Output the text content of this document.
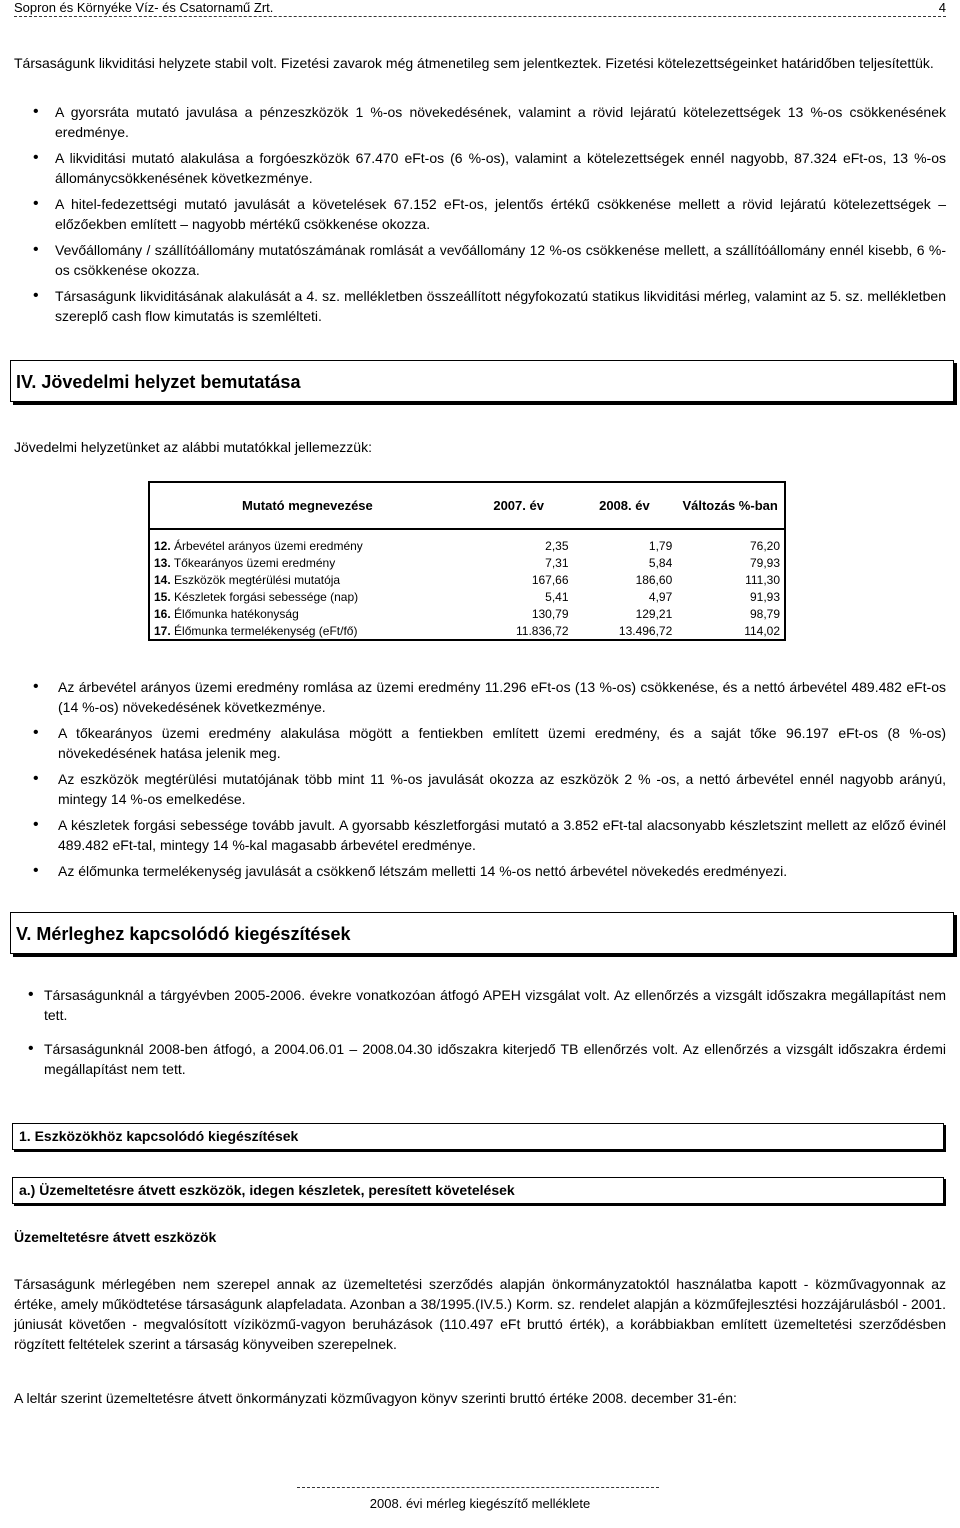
Sopron és Környéke Víz- és Csatornamű Zrt.	4
Társaságunk likviditási helyzete stabil volt. Fizetési zavarok még átmenetileg sem jelentkeztek. Fizetési kötelezettségeinket határidőben teljesítettük.
• A gyorsráta mutató javulása a pénzeszközök 1 %-os növekedésének, valamint a rövid lejáratú kötelezettségek 13 %-os csökkenésének eredménye.
• A likviditási mutató alakulása a forgóeszközök 67.470 eFt-os (6 %-os), valamint a kötelezettségek ennél nagyobb, 87.324 eFt-os, 13 %-os állománycsökkenésének következménye.
• A hitel-fedezettségi mutató javulását a követelések 67.152 eFt-os, jelentős értékű csökkenése mellett a rövid lejáratú kötelezettségek – előzőekben említett – nagyobb mértékű csökkenése okozza.
• Vevőállomány / szállítóállomány mutatószámának romlását a vevőállomány 12 %-os csökkenése mellett, a szállítóállomány ennél kisebb, 6 %-os csökkenése okozza.
• Társaságunk likviditásának alakulását a 4. sz. mellékletben összeállított négyfokozatú statikus likviditási mérleg, valamint az 5. sz. mellékletben szereplő cash flow kimutatás is szemlélteti.
IV. Jövedelmi helyzet bemutatása
Jövedelmi helyzetünket az alábbi mutatókkal jellemezzük:
Mutató megnevezése	2007. év	2008. év	Változás %-ban

12. Árbevétel arányos üzemi eredmény	2,35	1,79	76,20
13. Tőkearányos üzemi eredmény	7,31	5,84	79,93
14. Eszközök megtérülési mutatója	167,66	186,60	111,30
15. Készletek forgási sebessége (nap)	5,41	4,97	91,93
16. Élőmunka hatékonyság	130,79	129,21	98,79
17. Élőmunka termelékenység (eFt/fő)	11.836,72	13.496,72	114,02
• Az árbevétel arányos üzemi eredmény romlása az üzemi eredmény 11.296 eFt-os (13 %-os) csökkenése, és a nettó árbevétel 489.482 eFt-os (14 %-os) növekedésének következménye.
• A tőkearányos üzemi eredmény alakulása mögött a fentiekben említett üzemi eredmény, és a saját tőke 96.197 eFt-os (8 %-os) növekedésének hatása jelenik meg.
• Az eszközök megtérülési mutatójának több mint 11 %-os javulását okozza az eszközök 2 % -os, a nettó árbevétel ennél nagyobb arányú, mintegy 14 %-os emelkedése.
• A készletek forgási sebessége tovább javult. A gyorsabb készletforgási mutató a 3.852 eFt-tal alacsonyabb készletszint mellett az előző évinél 489.482 eFt-tal, mintegy 14 %-kal magasabb árbevétel eredménye.
• Az élőmunka termelékenység javulását a csökkenő létszám melletti 14 %-os nettó árbevétel növekedés eredményezi.
V. Mérleghez kapcsolódó kiegészítések
• Társaságunknál a tárgyévben 2005-2006. évekre vonatkozóan átfogó APEH vizsgálat volt. Az ellenőrzés a vizsgált időszakra megállapítást nem tett.
• Társaságunknál 2008-ben átfogó, a 2004.06.01 – 2008.04.30 időszakra kiterjedő TB ellenőrzés volt. Az ellenőrzés a vizsgált időszakra érdemi megállapítást nem tett.
1. Eszközökhöz kapcsolódó kiegészítések
a.) Üzemeltetésre átvett eszközök, idegen készletek, peresített követelések
Üzemeltetésre átvett eszközök
Társaságunk mérlegében nem szerepel annak az üzemeltetési szerződés alapján önkormányzatoktól használatba kapott - közművagyonnak az értéke, amely működtetése társaságunk alapfeladata. Azonban a 38/1995.(IV.5.) Korm. sz. rendelet alapján a közműfejlesztési hozzájárulásból - 2001. júniusát követően - megvalósított víziközmű-vagyon beruházások (110.497 eFt bruttó érték), a korábbiakban említett üzemeltetési szerződésben rögzített feltételek szerint a társaság könyveiben szerepelnek.
A leltár szerint üzemeltetésre átvett önkormányzati közművagyon könyv szerinti bruttó értéke 2008. december 31-én:
2008. évi mérleg kiegészítő melléklete
